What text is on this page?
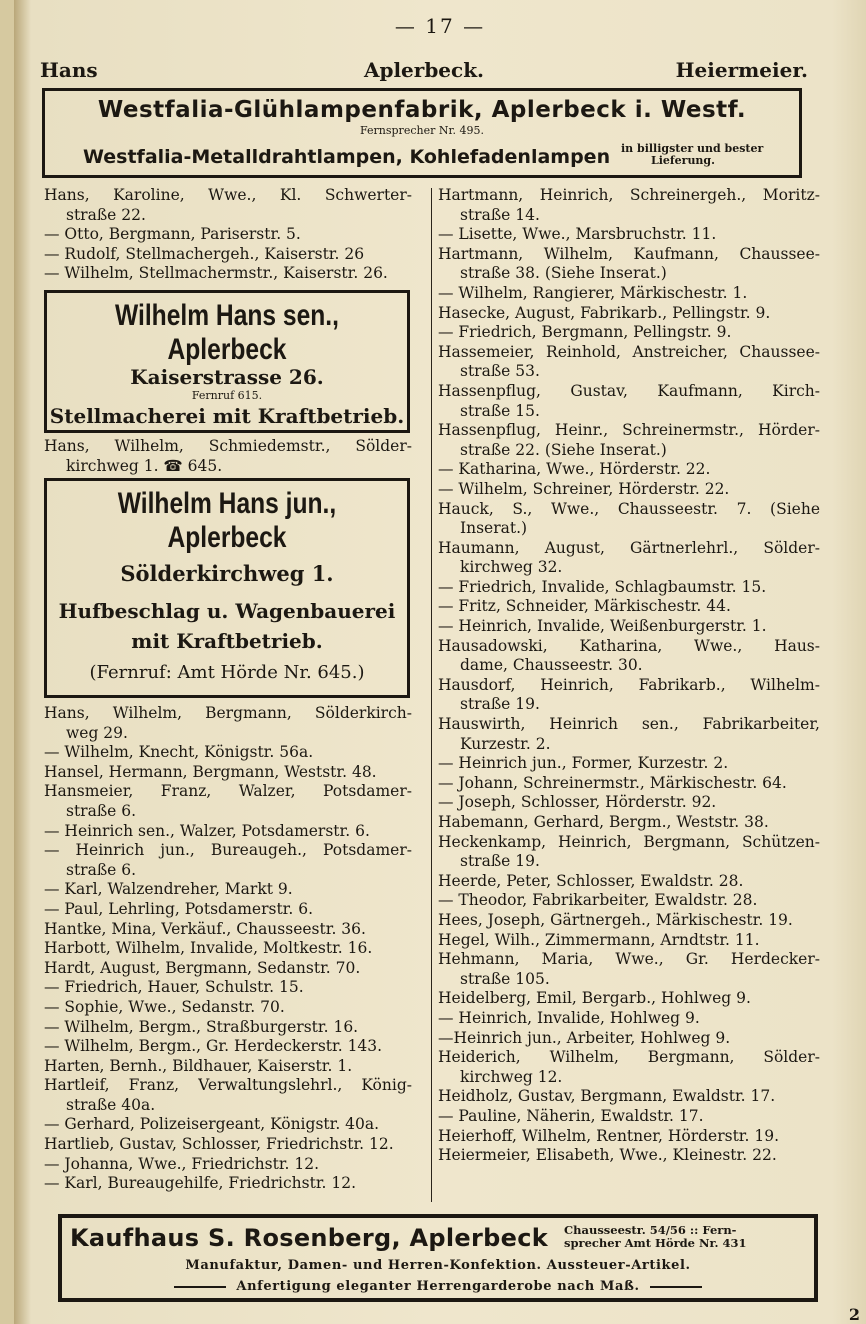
— 17 —
Hans	Aplerbeck.	Heiermeier.
Westfalia-Glühlampenfabrik, Aplerbeck i. Westf.
Fernsprecher Nr. 495.
Westfalia-Metalldrahtlampen, Kohlefadenlampen in billigster und bester
Lieferung.

Hans, Karoline, Wwe., Kl. Schwerter-

straße 22.

— Otto, Bergmann, Pariserstr. 5.

— Rudolf, Stellmachergeh., Kaiserstr. 26

— Wilhelm, Stellmachermstr., Kaiserstr. 26.

Wilhelm Hans sen., Aplerbeck
Kaiserstrasse 26.
Fernruf 615.
Stellmacherei mit Kraftbetrieb.

Hans, Wilhelm, Schmiedemstr., Sölder-

kirchweg 1. ☎ 645.

Wilhelm Hans jun., Aplerbeck
Sölderkirchweg 1.
Hufbeschlag u. Wagenbauerei
mit Kraftbetrieb.
(Fernruf: Amt Hörde Nr. 645.)

Hans, Wilhelm, Bergmann, Sölderkirch-

weg 29.

— Wilhelm, Knecht, Königstr. 56a.

Hansel, Hermann, Bergmann, Weststr. 48.

Hansmeier, Franz, Walzer, Potsdamer-

straße 6.

— Heinrich sen., Walzer, Potsdamerstr. 6.

— Heinrich jun., Bureaugeh., Potsdamer-

straße 6.

— Karl, Walzendreher, Markt 9.

— Paul, Lehrling, Potsdamerstr. 6.

Hantke, Mina, Verkäuf., Chausseestr. 36.

Harbott, Wilhelm, Invalide, Moltkestr. 16.

Hardt, August, Bergmann, Sedanstr. 70.

— Friedrich, Hauer, Schulstr. 15.

— Sophie, Wwe., Sedanstr. 70.

— Wilhelm, Bergm., Straßburgerstr. 16.

— Wilhelm, Bergm., Gr. Herdeckerstr. 143.

Harten, Bernh., Bildhauer, Kaiserstr. 1.

Hartleif, Franz, Verwaltungslehrl., König-

straße 40a.

— Gerhard, Polizeisergeant, Königstr. 40a.

Hartlieb, Gustav, Schlosser, Friedrichstr. 12.

— Johanna, Wwe., Friedrichstr. 12.

— Karl, Bureaugehilfe, Friedrichstr. 12.

Hartmann, Heinrich, Schreinergeh., Moritz-

straße 14.

— Lisette, Wwe., Marsbruchstr. 11.

Hartmann, Wilhelm, Kaufmann, Chaussee-

straße 38. (Siehe Inserat.)

— Wilhelm, Rangierer, Märkischestr. 1.

Hasecke, August, Fabrikarb., Pellingstr. 9.

— Friedrich, Bergmann, Pellingstr. 9.

Hassemeier, Reinhold, Anstreicher, Chaussee-

straße 53.

Hassenpflug, Gustav, Kaufmann, Kirch-

straße 15.

Hassenpflug, Heinr., Schreinermstr., Hörder-

straße 22. (Siehe Inserat.)

— Katharina, Wwe., Hörderstr. 22.

— Wilhelm, Schreiner, Hörderstr. 22.

Hauck, S., Wwe., Chausseestr. 7. (Siehe

Inserat.)

Haumann, August, Gärtnerlehrl., Sölder-

kirchweg 32.

— Friedrich, Invalide, Schlagbaumstr. 15.

— Fritz, Schneider, Märkischestr. 44.

— Heinrich, Invalide, Weißenburgerstr. 1.

Hausadowski, Katharina, Wwe., Haus-

dame, Chausseestr. 30.

Hausdorf, Heinrich, Fabrikarb., Wilhelm-

straße 19.

Hauswirth, Heinrich sen., Fabrikarbeiter,

Kurzestr. 2.

— Heinrich jun., Former, Kurzestr. 2.

— Johann, Schreinermstr., Märkischestr. 64.

— Joseph, Schlosser, Hörderstr. 92.

Habemann, Gerhard, Bergm., Weststr. 38.

Heckenkamp, Heinrich, Bergmann, Schützen-

straße 19.

Heerde, Peter, Schlosser, Ewaldstr. 28.

— Theodor, Fabrikarbeiter, Ewaldstr. 28.

Hees, Joseph, Gärtnergeh., Märkischestr. 19.

Hegel, Wilh., Zimmermann, Arndtstr. 11.

Hehmann, Maria, Wwe., Gr. Herdecker-

straße 105.

Heidelberg, Emil, Bergarb., Hohlweg 9.

— Heinrich, Invalide, Hohlweg 9.

—Heinrich jun., Arbeiter, Hohlweg 9.

Heiderich, Wilhelm, Bergmann, Sölder-

kirchweg 12.

Heidholz, Gustav, Bergmann, Ewaldstr. 17.

— Pauline, Näherin, Ewaldstr. 17.

Heierhoff, Wilhelm, Rentner, Hörderstr. 19.

Heiermeier, Elisabeth, Wwe., Kleinestr. 22.

Kaufhaus S. Rosenberg, Aplerbeck Chausseestr. 54/56 :: Fern-
sprecher Amt Hörde Nr. 431
Manufaktur, Damen- und Herren-Konfektion. Aussteuer-Artikel.
Anfertigung eleganter Herrengarderobe nach Maß.
2
